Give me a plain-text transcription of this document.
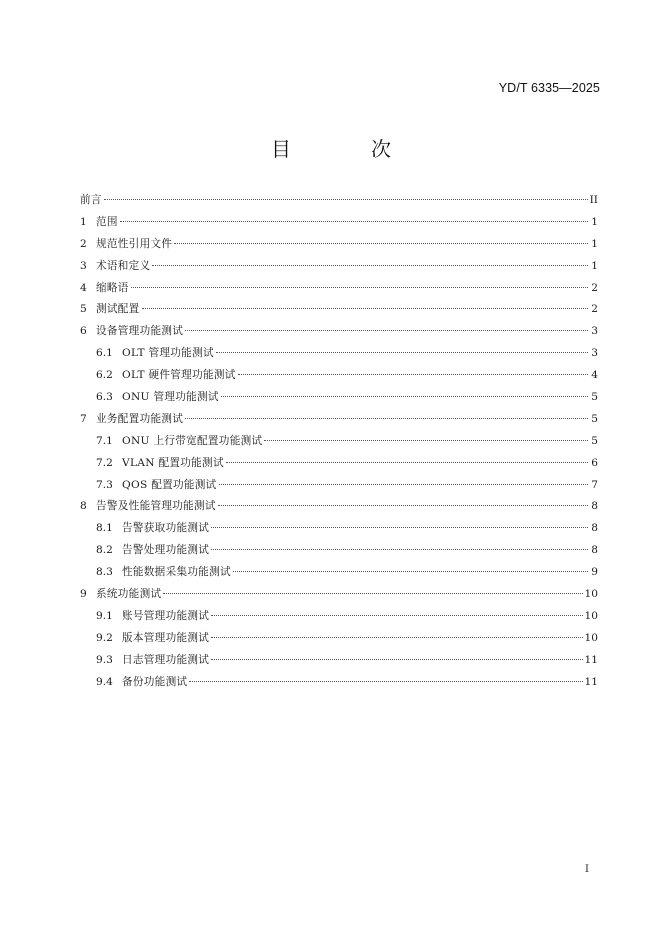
YD/T 6335—2025
目　次
前言	II
1 范围	1
2 规范性引用文件	1
3 术语和定义	1
4 缩略语	2
5 测试配置	2
6 设备管理功能测试	3
6.1 OLT 管理功能测试	3
6.2 OLT 硬件管理功能测试	4
6.3 ONU 管理功能测试	5
7 业务配置功能测试	5
7.1 ONU 上行带宽配置功能测试	5
7.2 VLAN 配置功能测试	6
7.3 QOS 配置功能测试	7
8 告警及性能管理功能测试	8
8.1 告警获取功能测试	8
8.2 告警处理功能测试	8
8.3 性能数据采集功能测试	9
9 系统功能测试	10
9.1 账号管理功能测试	10
9.2 版本管理功能测试	10
9.3 日志管理功能测试	11
9.4 备份功能测试	11
I
